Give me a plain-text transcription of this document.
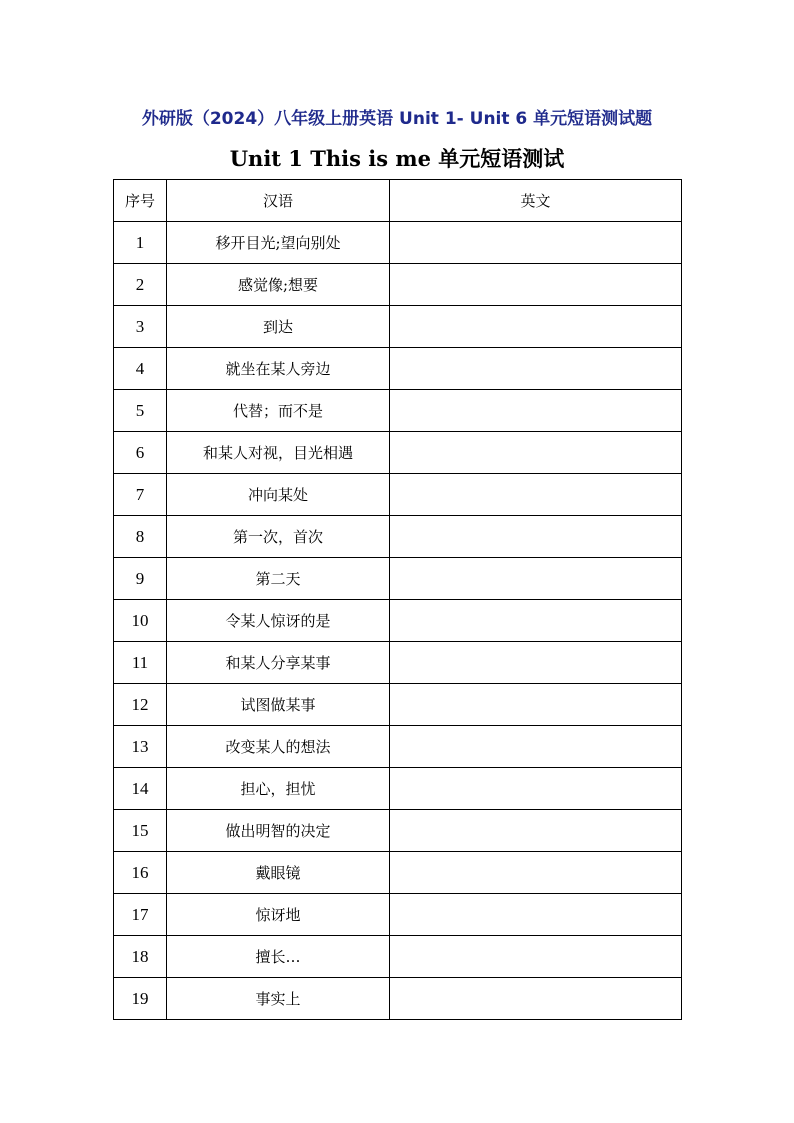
外研版（2024）八年级上册英语 Unit 1- Unit 6 单元短语测试题
Unit 1 This is me 单元短语测试
序号	汉语	英文
1	移开目光;望向别处	
2	感觉像;想要	
3	到达	
4	就坐在某人旁边	
5	代替；而不是	
6	和某人对视，目光相遇	
7	冲向某处	
8	第一次，首次	
9	第二天	
10	令某人惊讶的是	
11	和某人分享某事	
12	试图做某事	
13	改变某人的想法	
14	担心，担忧	
15	做出明智的决定	
16	戴眼镜	
17	惊讶地	
18	擅长…	
19	事实上	
